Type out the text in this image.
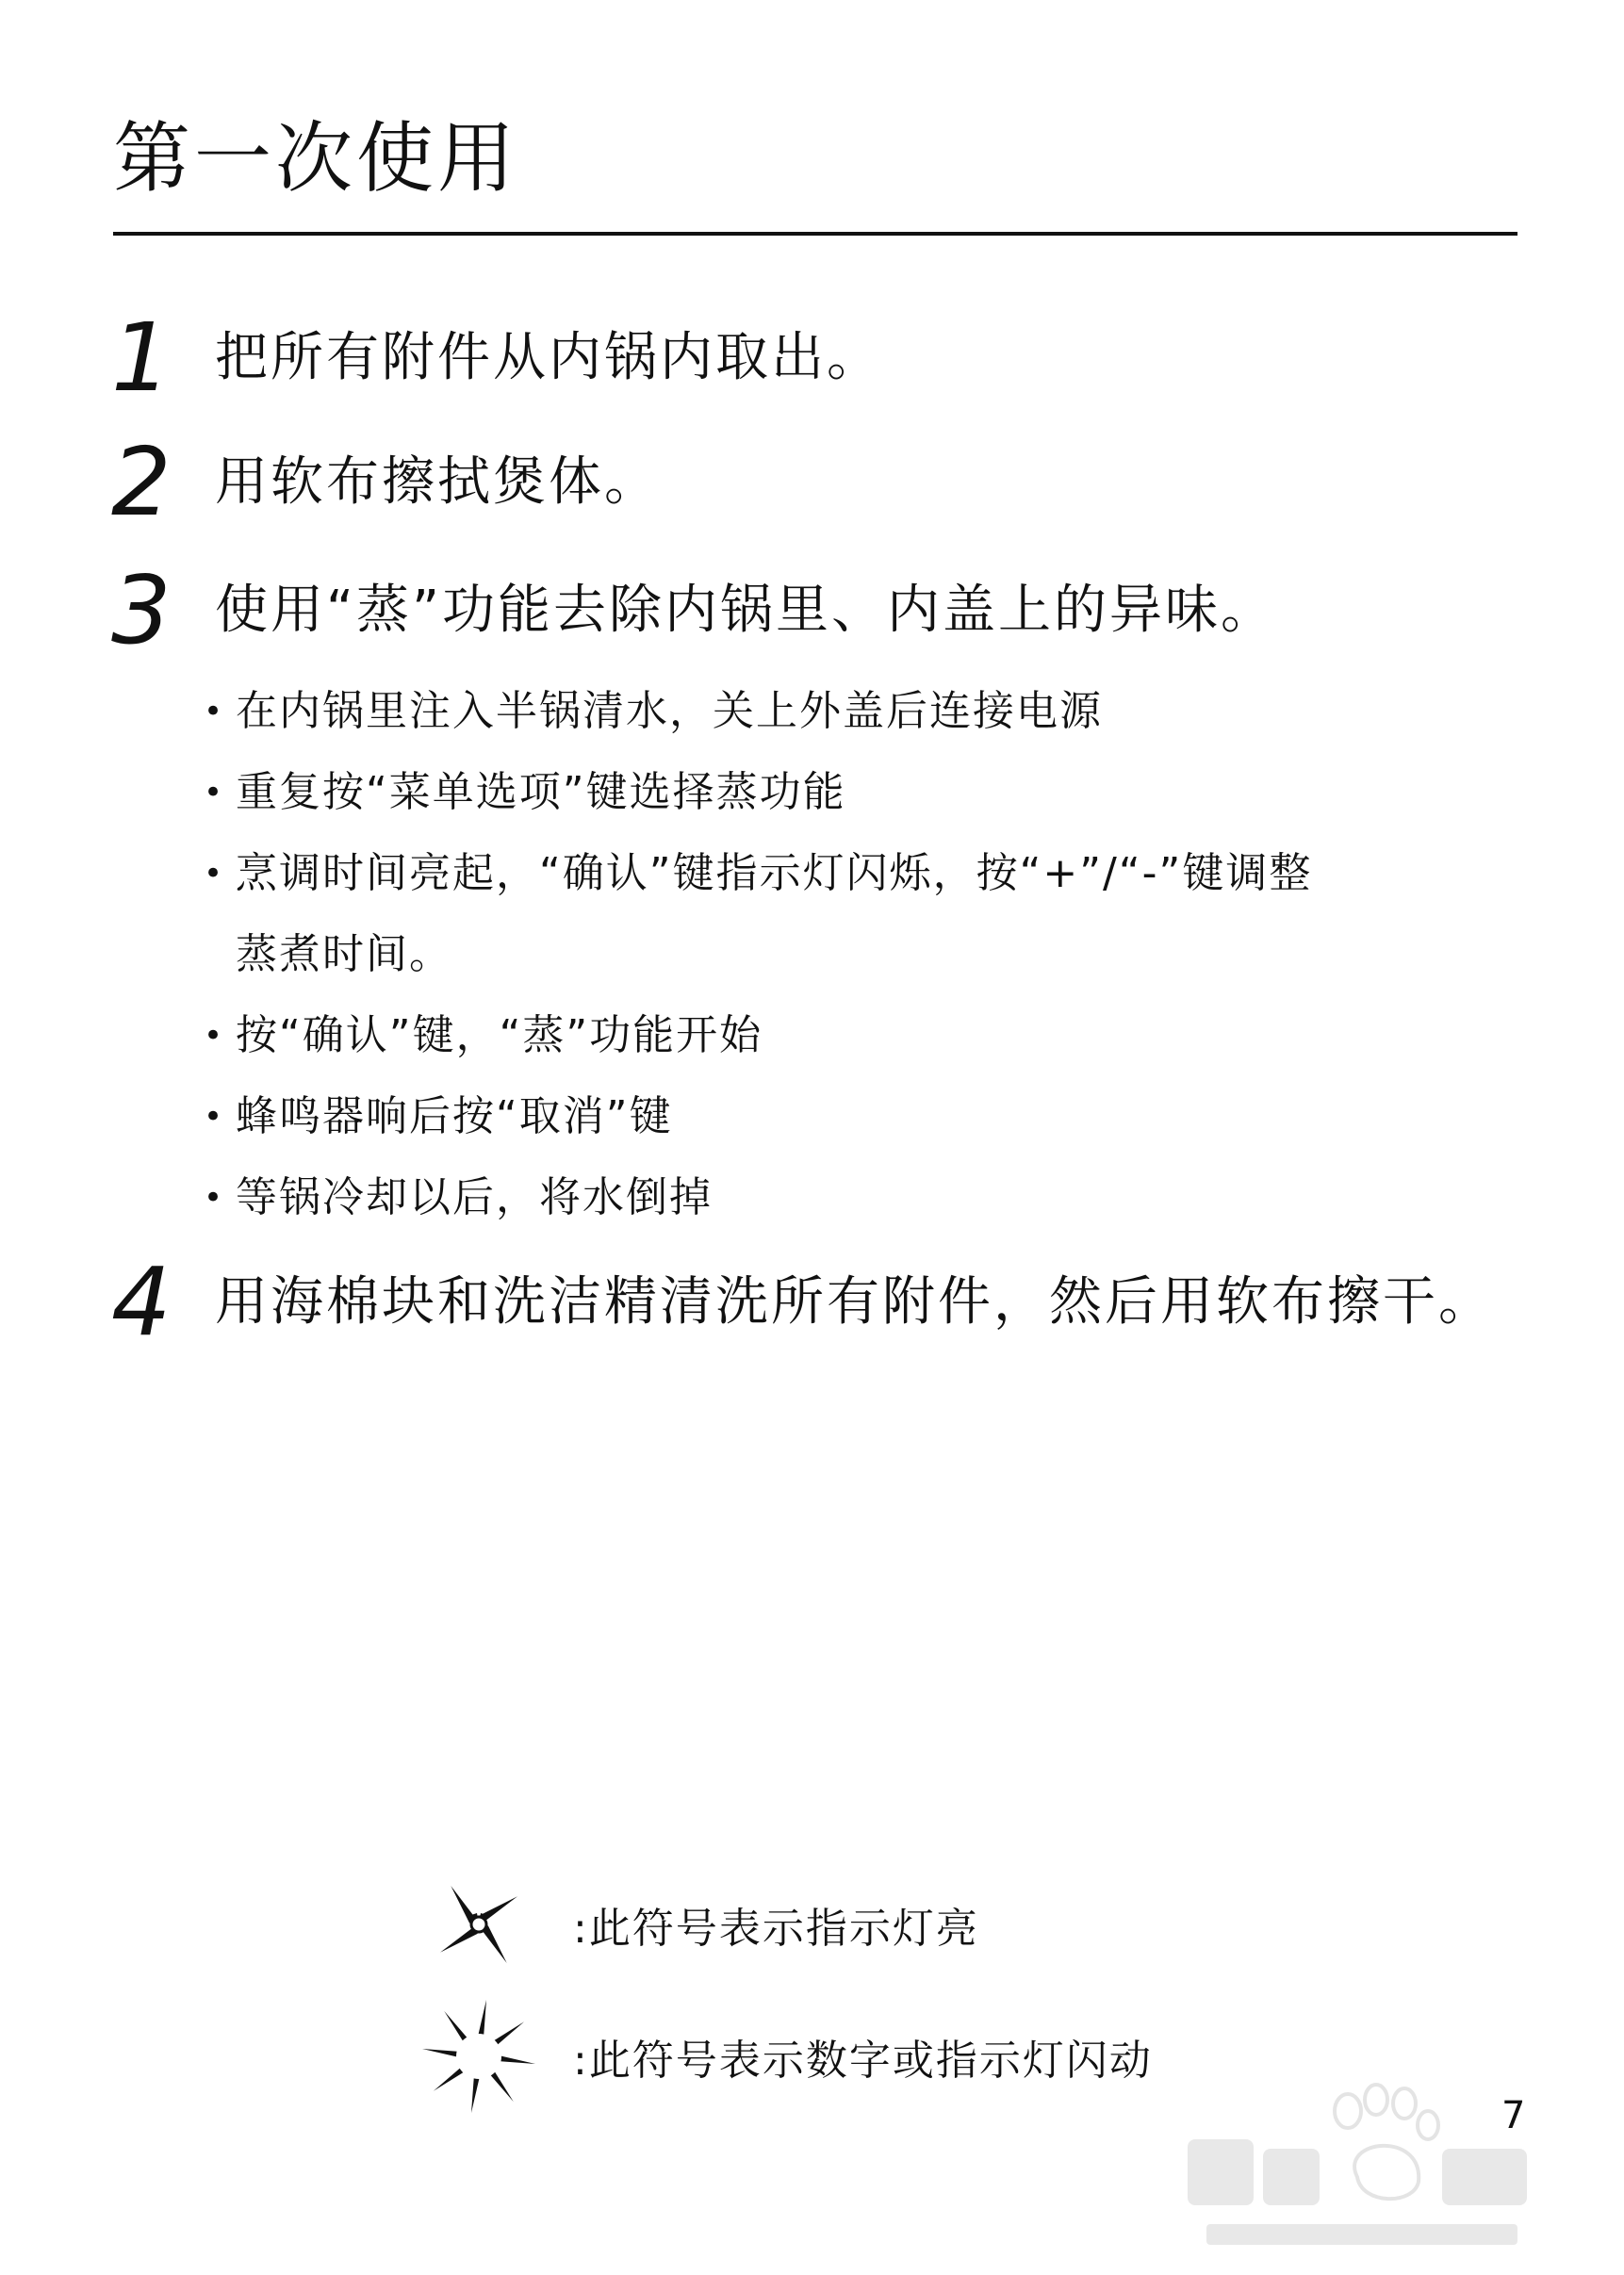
第一次使用
1 把所有附件从内锅内取出。
2 用软布擦拭煲体。
3 使用“蒸”功能去除内锅里、内盖上的异味。
• 在内锅里注入半锅清水，关上外盖后连接电源
• 重复按“菜单选项”键选择蒸功能
• 烹调时间亮起，“确认”键指示灯闪烁，按“+”/“-”键调整
蒸煮时间。
• 按“确认”键，“蒸”功能开始
• 蜂鸣器响后按“取消”键
• 等锅冷却以后，将水倒掉
4 用海棉块和洗洁精清洗所有附件，然后用软布擦干。
:此符号表示指示灯亮
:此符号表示数字或指示灯闪动
7
